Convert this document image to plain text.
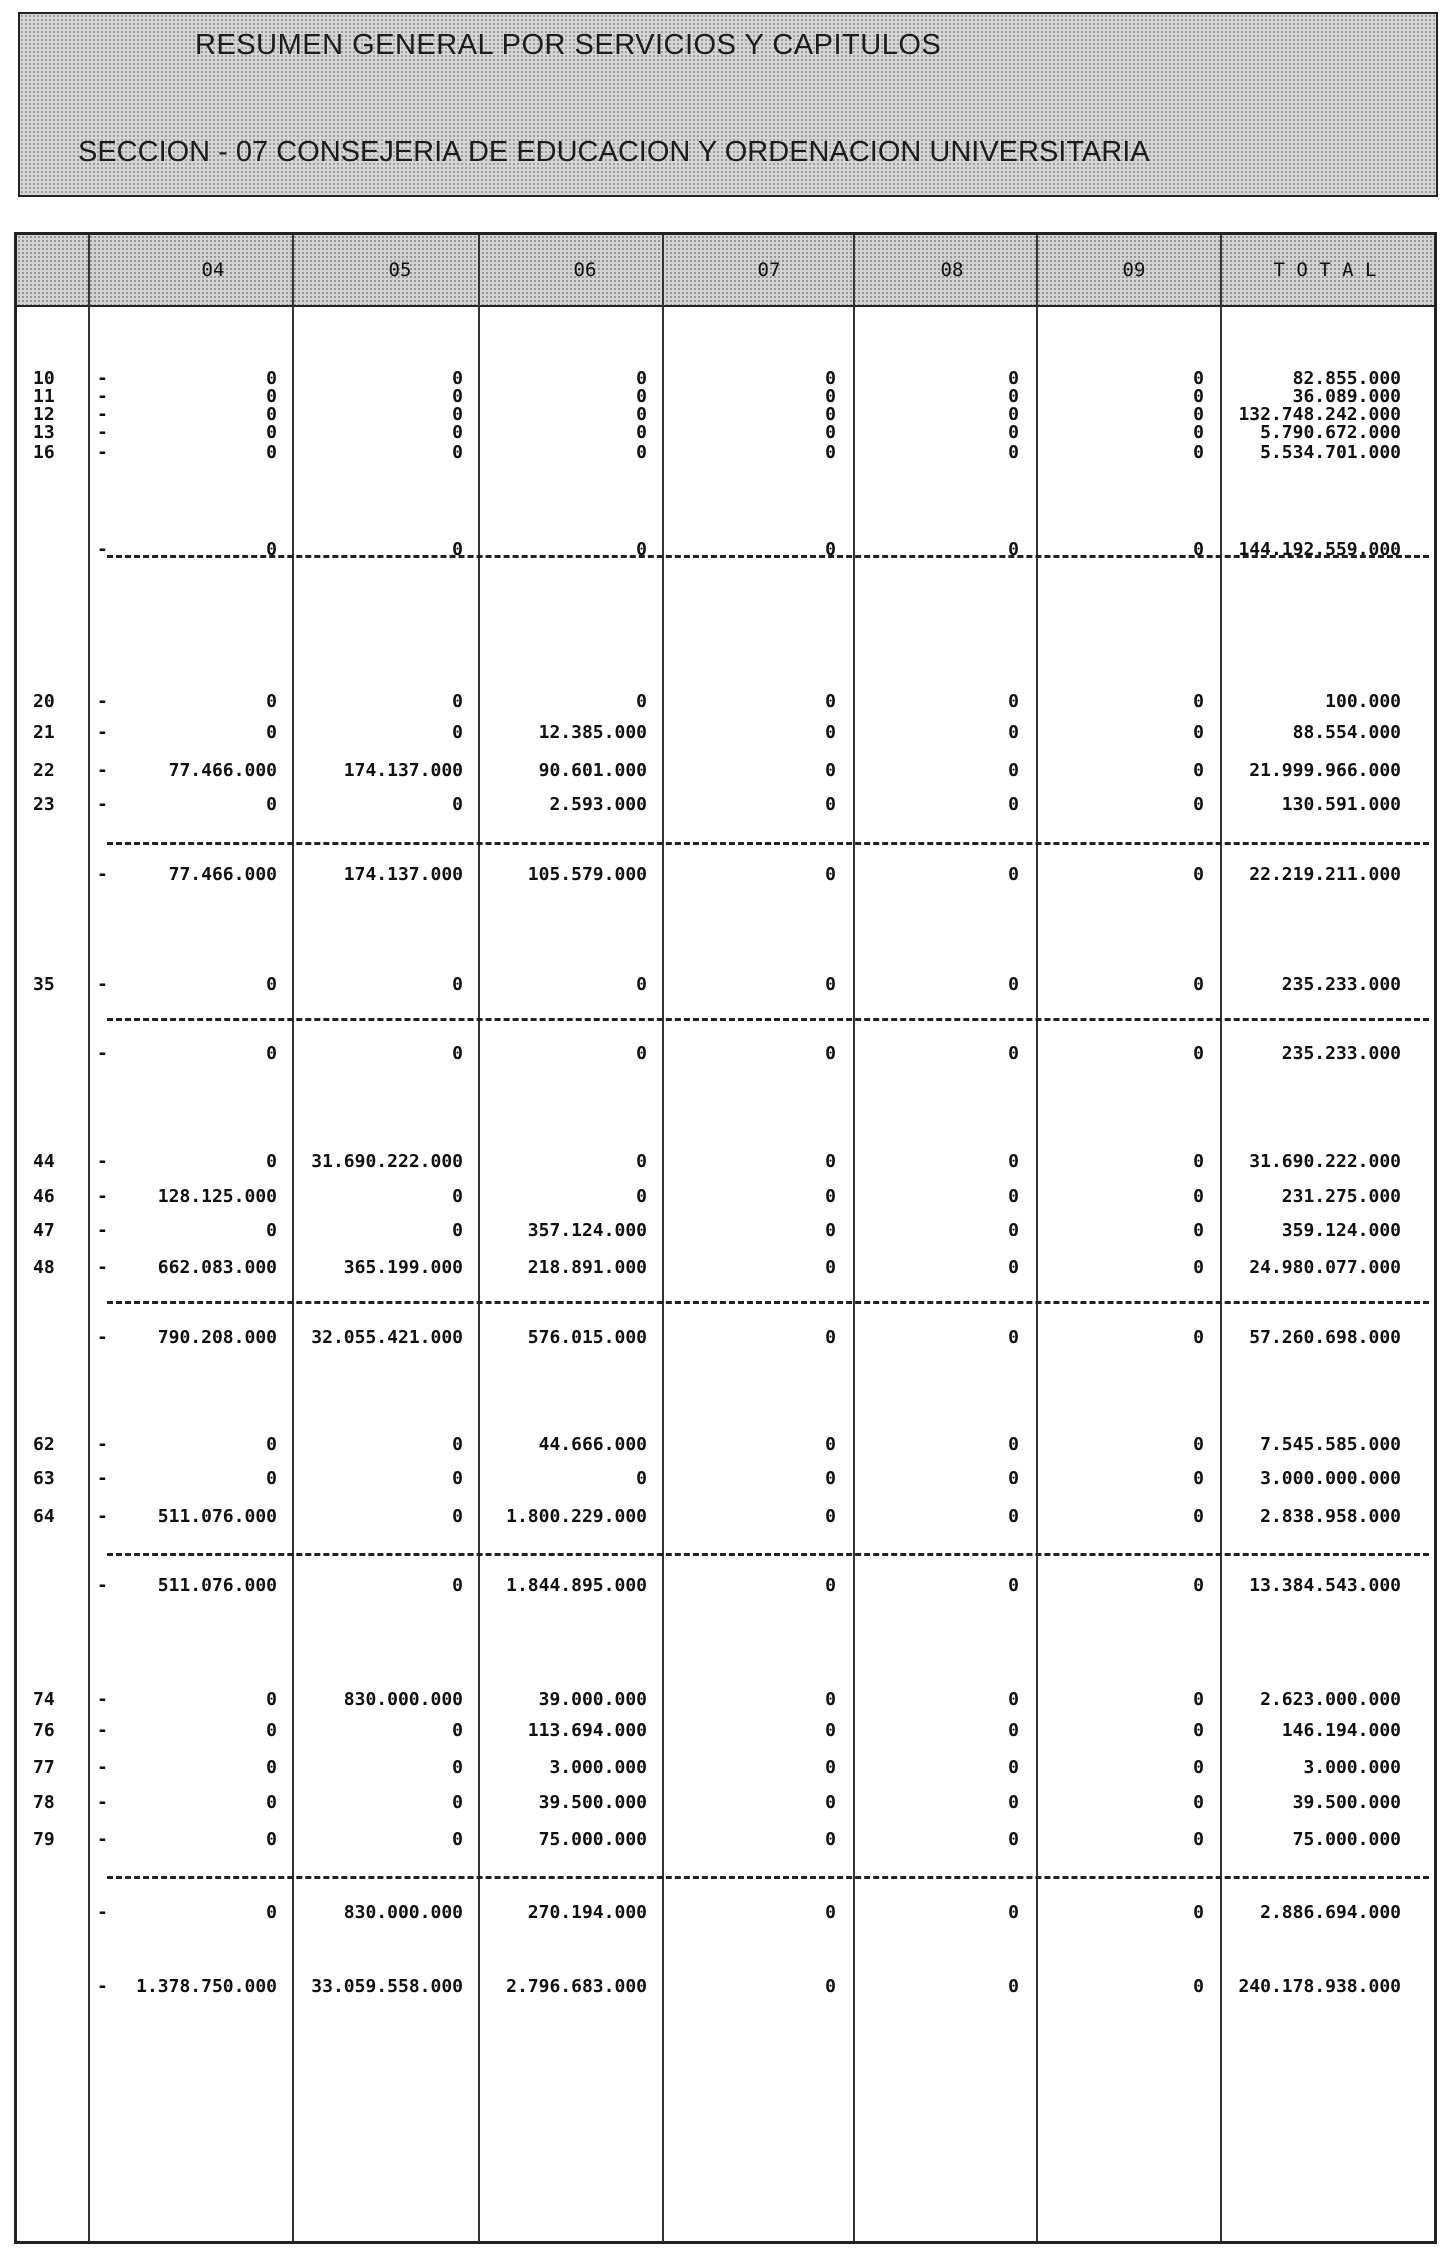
RESUMEN GENERAL POR SERVICIOS Y CAPITULOS
SECCION - 07 CONSEJERIA DE EDUCACION Y ORDENACION UNIVERSITARIA
04	05	06	07	08	09	T O T A L
10 -	0	0	0	0	0	0	82.855.000
11 -	0	0	0	0	0	0	36.089.000
12 -	0	0	0	0	0	0 132.748.242.000
13 -	0	0	0	0	0	0	5.790.672.000
16 -	0	0	0	0	0	0	5.534.701.000
-	0	0	0	0	0	0 144.192.559.000
20 -	0	0	0	0	0	0	100.000
21 -	0	0	12.385.000	0	0	0	88.554.000
22 -	77.466.000	174.137.000	90.601.000	0	0	0	21.999.966.000
23 -	0	0	2.593.000	0	0	0	130.591.000
-	77.466.000	174.137.000	105.579.000	0	0	0	22.219.211.000
35 -	0	0	0	0	0	0	235.233.000
-	0	0	0	0	0	0	235.233.000
44 -	0 31.690.222.000	0	0	0	0	31.690.222.000
46 -	128.125.000	0	0	0	0	0	231.275.000
47 -	0	0	357.124.000	0	0	0	359.124.000
48 -	662.083.000	365.199.000	218.891.000	0	0	0	24.980.077.000
-	790.208.000 32.055.421.000	576.015.000	0	0	0	57.260.698.000
62 -	0	0	44.666.000	0	0	0	7.545.585.000
63 -	0	0	0	0	0	0	3.000.000.000
64 -	511.076.000	0 1.800.229.000	0	0	0	2.838.958.000
-	511.076.000	0 1.844.895.000	0	0	0	13.384.543.000
74 -	0	830.000.000	39.000.000	0	0	0	2.623.000.000
76 -	0	0	113.694.000	0	0	0	146.194.000
77 -	0	0	3.000.000	0	0	0	3.000.000
78 -	0	0	39.500.000	0	0	0	39.500.000
79 -	0	0	75.000.000	0	0	0	75.000.000
-	0	830.000.000	270.194.000	0	0	0	2.886.694.000
- 1.378.750.000 33.059.558.000 2.796.683.000	0	0	0 240.178.938.000
